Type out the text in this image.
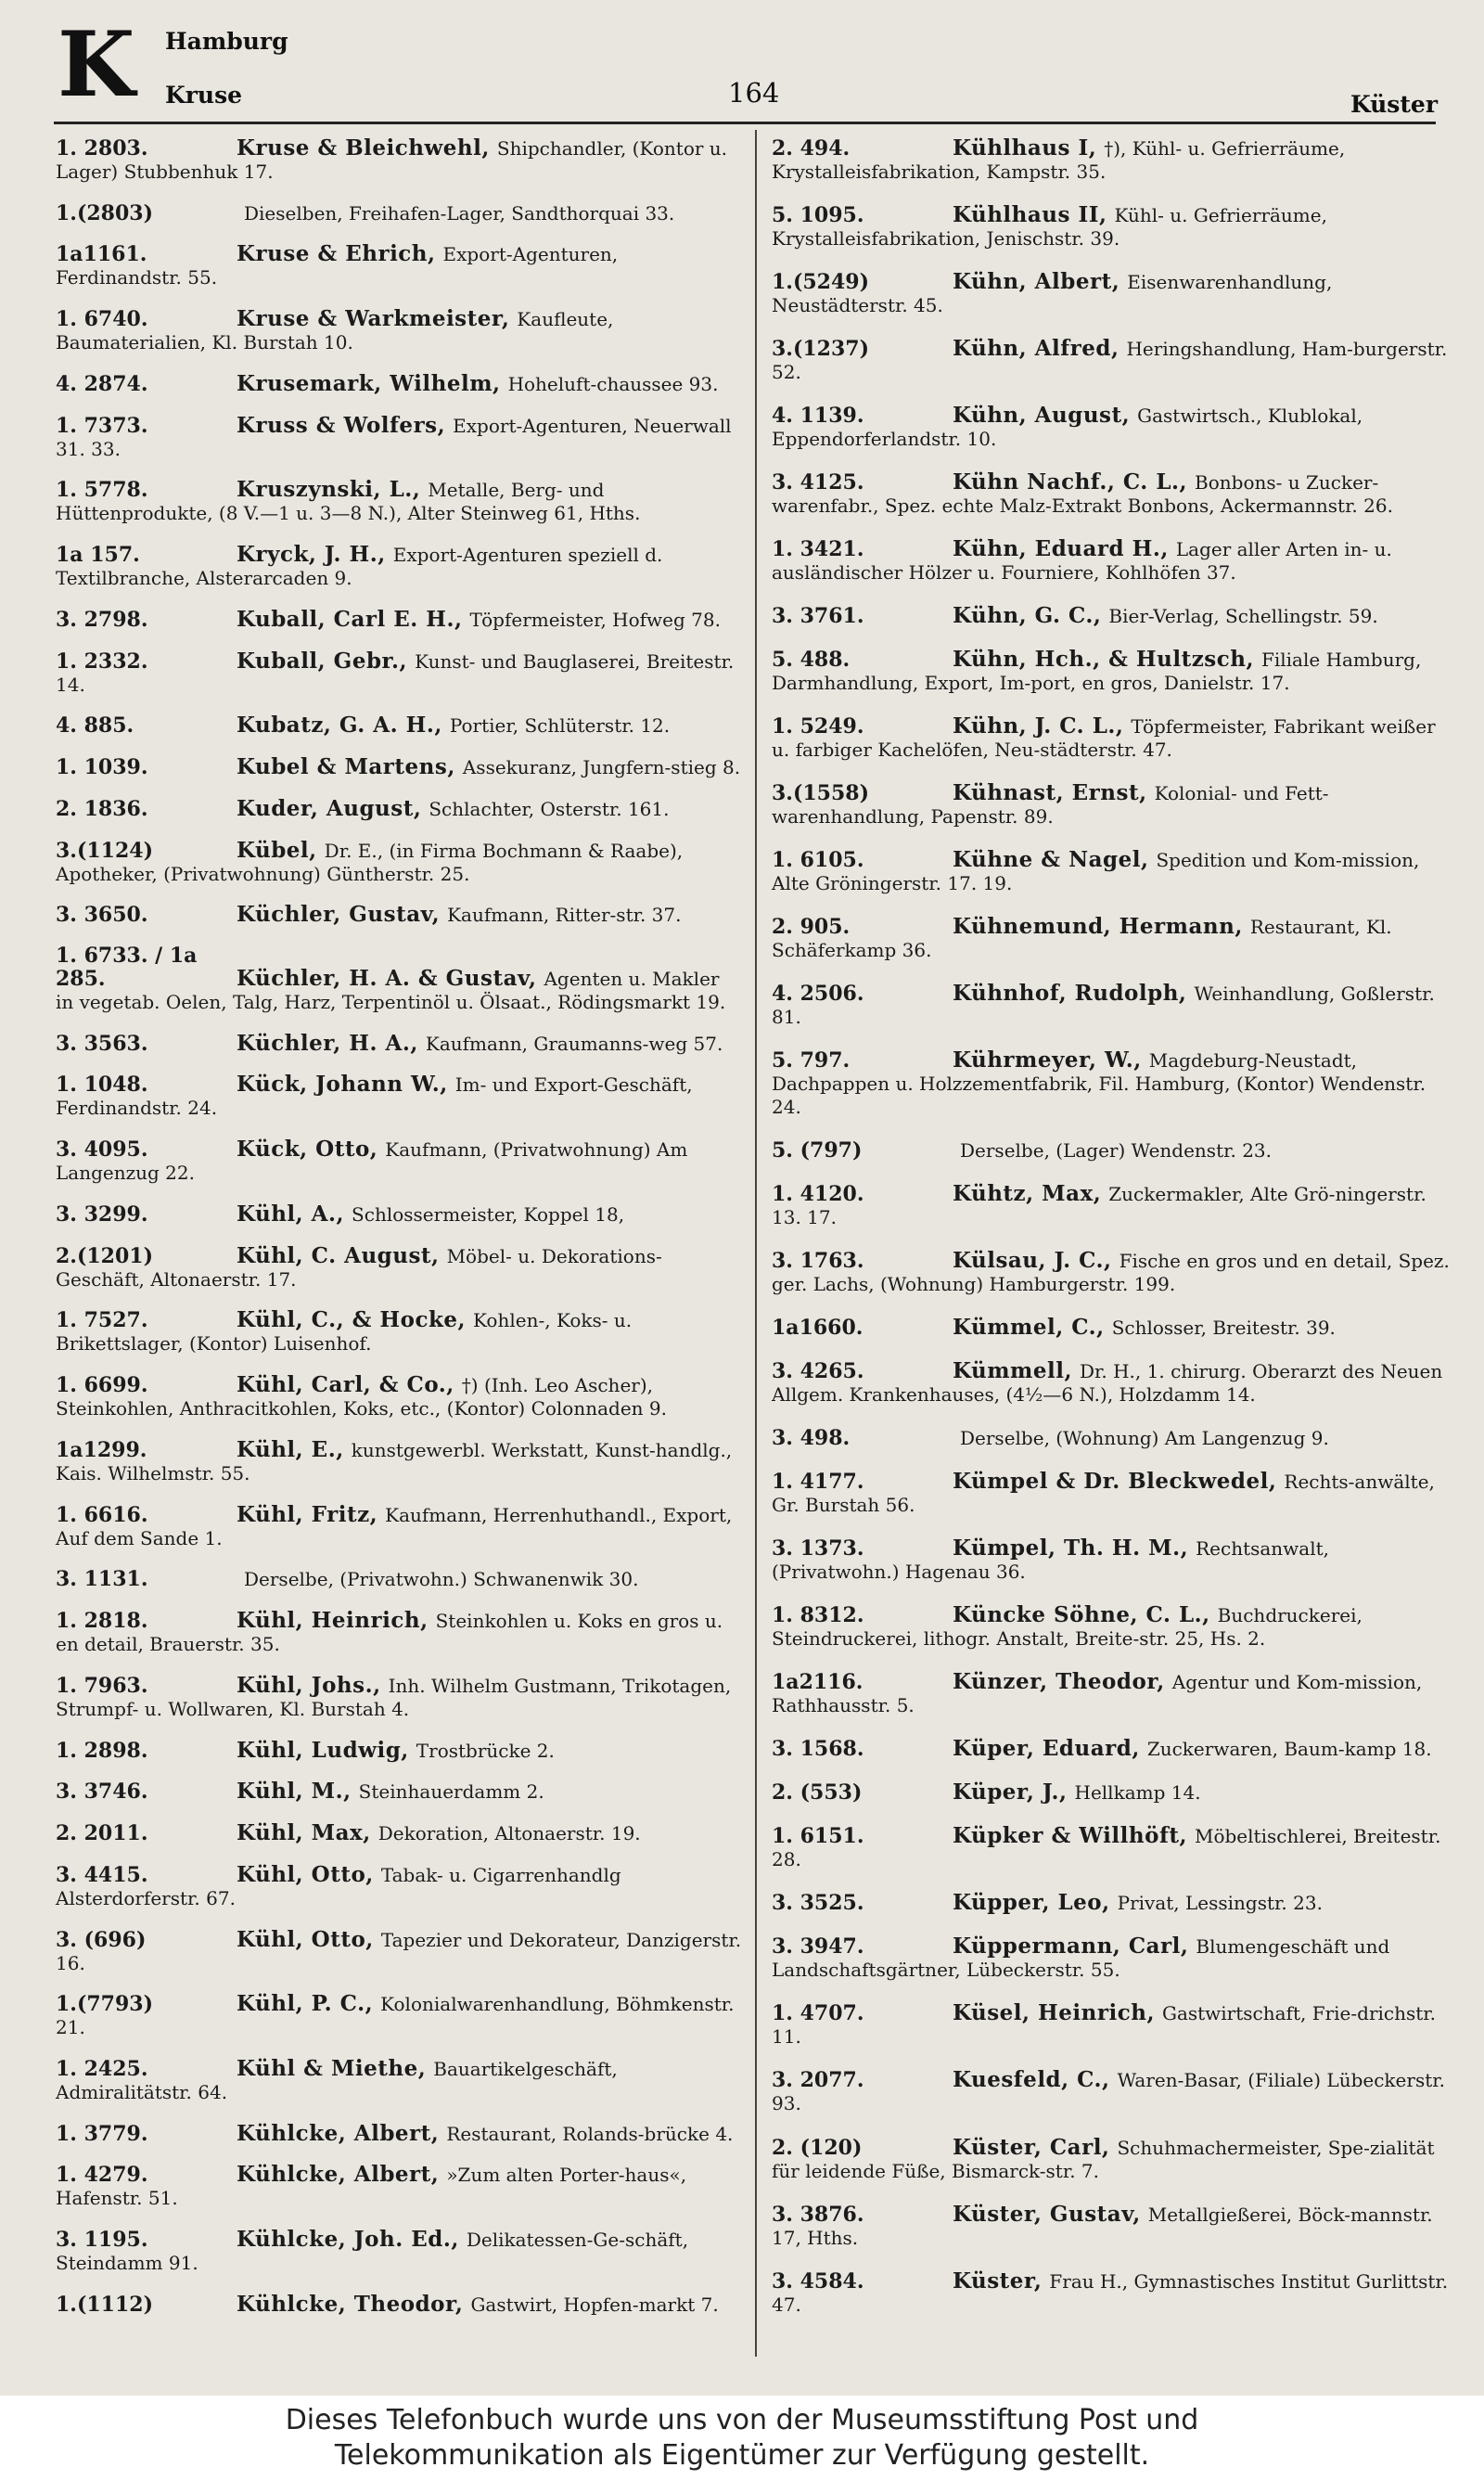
K Hamburg
Kruse	164	Küster
1. 2803.	Kruse & Bleichwehl, Shipchandler, (Kontor u. Lager) Stubbenhuk 17.
1.(2803)	Dieselben, Freihafen-Lager, Sandthorquai 33.
1a1161.	Kruse & Ehrich, Export-Agenturen, Ferdinandstr. 55.
1. 6740.	Kruse & Warkmeister, Kaufleute, Baumaterialien, Kl. Burstah 10.
4. 2874.	Krusemark, Wilhelm, Hoheluft-chaussee 93.
1. 7373.	Kruss & Wolfers, Export-Agenturen, Neuerwall 31. 33.
1. 5778.	Kruszynski, L., Metalle, Berg- und Hüttenprodukte, (8 V.—1 u. 3—8 N.), Alter Steinweg 61, Hths.
1a 157.	Kryck, J. H., Export-Agenturen speziell d. Textilbranche, Alsterarcaden 9.
3. 2798.	Kuball, Carl E. H., Töpfermeister, Hofweg 78.
1. 2332.	Kuball, Gebr., Kunst- und Bauglaserei, Breitestr. 14.
4. 885.	Kubatz, G. A. H., Portier, Schlüterstr. 12.
1. 1039.	Kubel & Martens, Assekuranz, Jungfern-stieg 8.
2. 1836.	Kuder, August, Schlachter, Osterstr. 161.
3.(1124)	Kübel, Dr. E., (in Firma Bochmann & Raabe), Apotheker, (Privatwohnung) Güntherstr. 25.
3. 3650.	Küchler, Gustav, Kaufmann, Ritter-str. 37.
1. 6733. / 1a 285.	Küchler, H. A. & Gustav, Agenten u. Makler in vegetab. Oelen, Talg, Harz, Terpentinöl u. Ölsaat., Rödingsmarkt 19.
3. 3563.	Küchler, H. A., Kaufmann, Graumanns-weg 57.
1. 1048.	Kück, Johann W., Im- und Export-Geschäft, Ferdinandstr. 24.
3. 4095.	Kück, Otto, Kaufmann, (Privatwohnung) Am Langenzug 22.
3. 3299.	Kühl, A., Schlossermeister, Koppel 18,
2.(1201)	Kühl, C. August, Möbel- u. Dekorations-Geschäft, Altonaerstr. 17.
1. 7527.	Kühl, C., & Hocke, Kohlen-, Koks- u. Brikettslager, (Kontor) Luisenhof.
1. 6699.	Kühl, Carl, & Co., †) (Inh. Leo Ascher), Steinkohlen, Anthracitkohlen, Koks, etc., (Kontor) Colonnaden 9.
1a1299.	Kühl, E., kunstgewerbl. Werkstatt, Kunst-handlg., Kais. Wilhelmstr. 55.
1. 6616.	Kühl, Fritz, Kaufmann, Herrenhuthandl., Export, Auf dem Sande 1.
3. 1131.	Derselbe, (Privatwohn.) Schwanenwik 30.
1. 2818.	Kühl, Heinrich, Steinkohlen u. Koks en gros u. en detail, Brauerstr. 35.
1. 7963.	Kühl, Johs., Inh. Wilhelm Gustmann, Trikotagen, Strumpf- u. Wollwaren, Kl. Burstah 4.
1. 2898.	Kühl, Ludwig, Trostbrücke 2.
3. 3746.	Kühl, M., Steinhauerdamm 2.
2. 2011.	Kühl, Max, Dekoration, Altonaerstr. 19.
3. 4415.	Kühl, Otto, Tabak- u. Cigarrenhandlg Alsterdorferstr. 67.
3. (696)	Kühl, Otto, Tapezier und Dekorateur, Danzigerstr. 16.
1.(7793)	Kühl, P. C., Kolonialwarenhandlung, Böhmkenstr. 21.
1. 2425.	Kühl & Miethe, Bauartikelgeschäft, Admiralitätstr. 64.
1. 3779.	Kühlcke, Albert, Restaurant, Rolands-brücke 4.
1. 4279.	Kühlcke, Albert, »Zum alten Porter-haus«, Hafenstr. 51.
3. 1195.	Kühlcke, Joh. Ed., Delikatessen-Ge-schäft, Steindamm 91.
1.(1112)	Kühlcke, Theodor, Gastwirt, Hopfen-markt 7.
2. 494.	Kühlhaus I, †), Kühl- u. Gefrierräume, Krystalleisfabrikation, Kampstr. 35.
5. 1095.	Kühlhaus II, Kühl- u. Gefrierräume, Krystalleisfabrikation, Jenischstr. 39.
1.(5249)	Kühn, Albert, Eisenwarenhandlung, Neustädterstr. 45.
3.(1237)	Kühn, Alfred, Heringshandlung, Ham-burgerstr. 52.
4. 1139.	Kühn, August, Gastwirtsch., Klublokal, Eppendorferlandstr. 10.
3. 4125.	Kühn Nachf., C. L., Bonbons- u Zucker-warenfabr., Spez. echte Malz-Extrakt Bonbons, Ackermannstr. 26.
1. 3421.	Kühn, Eduard H., Lager aller Arten in- u. ausländischer Hölzer u. Fourniere, Kohlhöfen 37.
3. 3761.	Kühn, G. C., Bier-Verlag, Schellingstr. 59.
5. 488.	Kühn, Hch., & Hultzsch, Filiale Hamburg, Darmhandlung, Export, Im-port, en gros, Danielstr. 17.
1. 5249.	Kühn, J. C. L., Töpfermeister, Fabrikant weißer u. farbiger Kachelöfen, Neu-städterstr. 47.
3.(1558)	Kühnast, Ernst, Kolonial- und Fett-warenhandlung, Papenstr. 89.
1. 6105.	Kühne & Nagel, Spedition und Kom-mission, Alte Gröningerstr. 17. 19.
2. 905.	Kühnemund, Hermann, Restaurant, Kl. Schäferkamp 36.
4. 2506.	Kühnhof, Rudolph, Weinhandlung, Goßlerstr. 81.
5. 797.	Kührmeyer, W., Magdeburg-Neustadt, Dachpappen u. Holzzementfabrik, Fil. Hamburg, (Kontor) Wendenstr. 24.
5. (797)	Derselbe, (Lager) Wendenstr. 23.
1. 4120.	Kühtz, Max, Zuckermakler, Alte Grö-ningerstr. 13. 17.
3. 1763.	Külsau, J. C., Fische en gros und en detail, Spez. ger. Lachs, (Wohnung) Hamburgerstr. 199.
1a1660.	Kümmel, C., Schlosser, Breitestr. 39.
3. 4265.	Kümmell, Dr. H., 1. chirurg. Oberarzt des Neuen Allgem. Krankenhauses, (4½—6 N.), Holzdamm 14.
3. 498.	Derselbe, (Wohnung) Am Langenzug 9.
1. 4177.	Kümpel & Dr. Bleckwedel, Rechts-anwälte, Gr. Burstah 56.
3. 1373.	Kümpel, Th. H. M., Rechtsanwalt, (Privatwohn.) Hagenau 36.
1. 8312.	Küncke Söhne, C. L., Buchdruckerei, Steindruckerei, lithogr. Anstalt, Breite-str. 25, Hs. 2.
1a2116.	Künzer, Theodor, Agentur und Kom-mission, Rathhausstr. 5.
3. 1568.	Küper, Eduard, Zuckerwaren, Baum-kamp 18.
2. (553)	Küper, J., Hellkamp 14.
1. 6151.	Küpker & Willhöft, Möbeltischlerei, Breitestr. 28.
3. 3525.	Küpper, Leo, Privat, Lessingstr. 23.
3. 3947.	Küppermann, Carl, Blumengeschäft und Landschaftsgärtner, Lübeckerstr. 55.
1. 4707.	Küsel, Heinrich, Gastwirtschaft, Frie-drichstr. 11.
3. 2077.	Kuesfeld, C., Waren-Basar, (Filiale) Lübeckerstr. 93.
2. (120)	Küster, Carl, Schuhmachermeister, Spe-zialität für leidende Füße, Bismarck-str. 7.
3. 3876.	Küster, Gustav, Metallgießerei, Böck-mannstr. 17, Hths.
3. 4584.	Küster, Frau H., Gymnastisches Institut Gurlittstr. 47.
Dieses Telefonbuch wurde uns von der Museumsstiftung Post und
Telekommunikation als Eigentümer zur Verfügung gestellt.
